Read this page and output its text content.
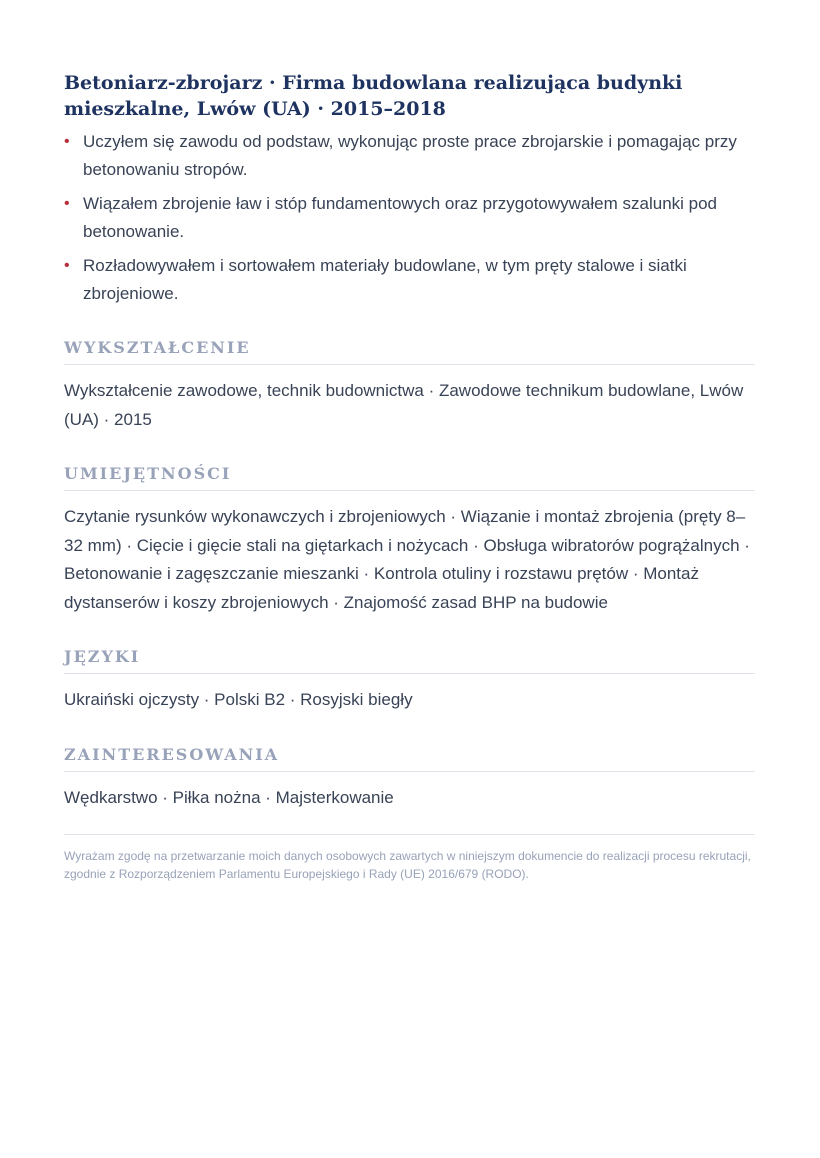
Betoniarz-zbrojarz · Firma budowlana realizująca budynki mieszkalne, Lwów (UA) · 2015–2018
• Uczyłem się zawodu od podstaw, wykonując proste prace zbrojarskie i pomagając przy betonowaniu stropów.
• Wiązałem zbrojenie ław i stóp fundamentowych oraz przygotowywałem szalunki pod betonowanie.
• Rozładowywałem i sortowałem materiały budowlane, w tym pręty stalowe i siatki zbrojeniowe.
WYKSZTAŁCENIE

Wykształcenie zawodowe, technik budownictwa · Zawodowe technikum budowlane, Lwów (UA) · 2015

UMIEJĘTNOŚCI

Czytanie rysunków wykonawczych i zbrojeniowych · Wiązanie i montaż zbrojenia (pręty 8–32 mm) · Cięcie i gięcie stali na giętarkach i nożycach · Obsługa wibratorów pogrążalnych · Betonowanie i zagęszczanie mieszanki · Kontrola otuliny i rozstawu prętów · Montaż dystanserów i koszy zbrojeniowych · Znajomość zasad BHP na budowie

JĘZYKI

Ukraiński ojczysty · Polski B2 · Rosyjski biegły

ZAINTERESOWANIA

Wędkarstwo · Piłka nożna · Majsterkowanie

Wyrażam zgodę na przetwarzanie moich danych osobowych zawartych w niniejszym dokumencie do realizacji procesu rekrutacji, zgodnie z Rozporządzeniem Parlamentu Europejskiego i Rady (UE) 2016/679 (RODO).
